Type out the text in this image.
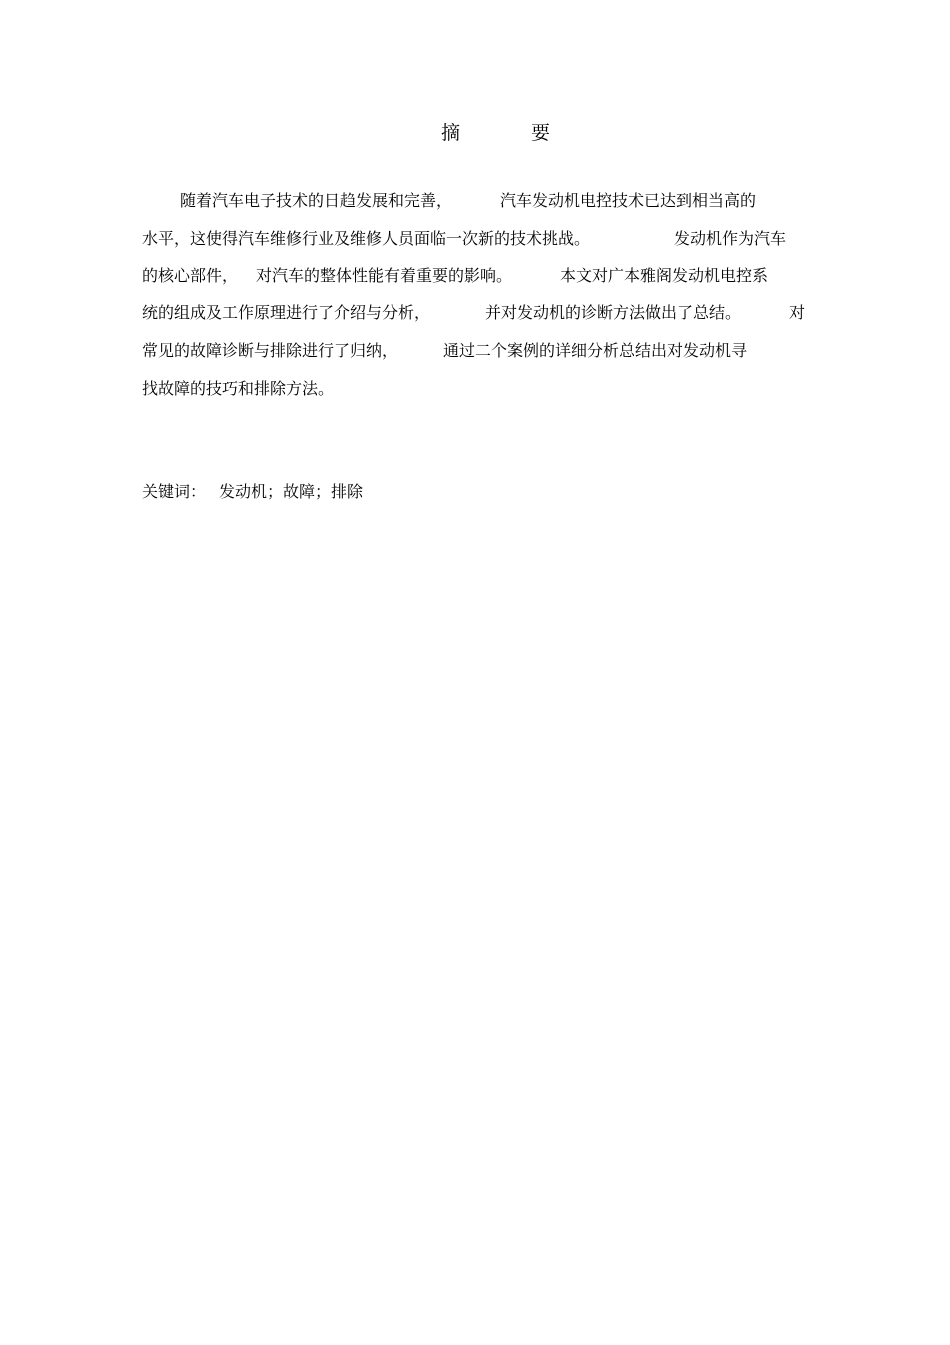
摘	要
随着汽车电子技术的日趋发展和完善，	汽车发动机电控技术已达到相当高的
水平，这使得汽车维修行业及维修人员面临一次新的技术挑战。	发动机作为汽车
的核心部件， 对汽车的整体性能有着重要的影响。	本文对广本雅阁发动机电控系
统的组成及工作原理进行了介绍与分析，	并对发动机的诊断方法做出了总结。	对
常见的故障诊断与排除进行了归纳，	通过二个案例的详细分析总结出对发动机寻
找故障的技巧和排除方法。
关键词： 发动机；故障；排除
